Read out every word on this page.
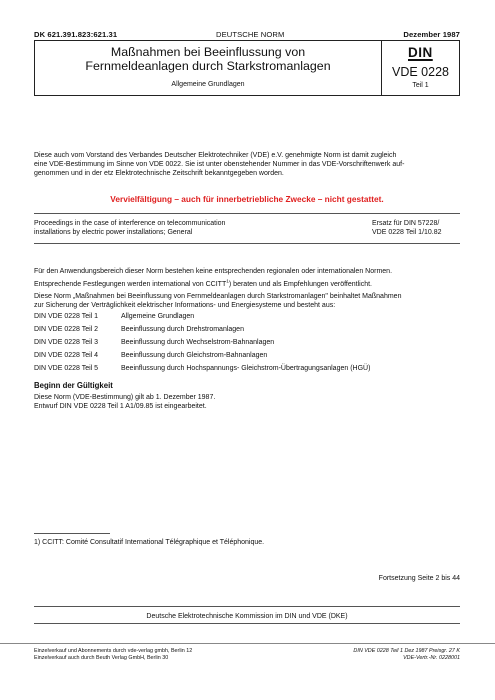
DK 621.391.823:621.31	DEUTSCHE NORM	Dezember 1987
Maßnahmen bei Beeinflussung von
Fernmeldeanlagen durch Starkstromanlagen
Allgemeine Grundlagen
DIN
VDE 0228
Teil 1
Diese auch vom Vorstand des Verbandes Deutscher Elektrotechniker (VDE) e.V. genehmigte Norm ist damit zugleich
eine VDE-Bestimmung im Sinne von VDE 0022. Sie ist unter obenstehender Nummer in das VDE-Vorschriftenwerk auf-
genommen und in der etz Elektrotechnische Zeitschrift bekanntgegeben worden.
Vervielfältigung – auch für innerbetriebliche Zwecke – nicht gestattet.
Proceedings in the case of interference on telecommunication
installations by electric power installations; General
Ersatz für DIN 57228/
VDE 0228 Teil 1/10.82
Für den Anwendungsbereich dieser Norm bestehen keine entsprechenden regionalen oder internationalen Normen.
Entsprechende Festlegungen werden international von CCITT$^1$) beraten und als Empfehlungen veröffentlicht.
Diese Norm „Maßnahmen bei Beeinflussung von Fernmeldeanlagen durch Starkstromanlagen" beinhaltet Maßnahmen
zur Sicherung der Verträglichkeit elektrischer Informations- und Energiesysteme und besteht aus:
DIN VDE 0228 Teil 1	Allgemeine Grundlagen
DIN VDE 0228 Teil 2	Beeinflussung durch Drehstromanlagen
DIN VDE 0228 Teil 3	Beeinflussung durch Wechselstrom-Bahnanlagen
DIN VDE 0228 Teil 4	Beeinflussung durch Gleichstrom-Bahnanlagen
DIN VDE 0228 Teil 5	Beeinflussung durch Hochspannungs- Gleichstrom-Übertragungsanlagen (HGÜ)
Beginn der Gültigkeit
Diese Norm (VDE-Bestimmung) gilt ab 1. Dezember 1987.
Entwurf DIN VDE 0228 Teil 1 A1/09.85 ist eingearbeitet.
1) CCITT: Comité Consultatif International Télégraphique et Téléphonique.
Fortsetzung Seite 2 bis 44
Deutsche Elektrotechnische Kommission im DIN und VDE (DKE)
Einzelverkauf und Abonnements durch vde-verlag gmbh, Berlin 12
Einzelverkauf auch durch Beuth Verlag GmbH, Berlin 30
DIN VDE 0228 Teil 1 Dez 1987 Preisgr. 27 K
VDE-Vertr.-Nr. 0228001
